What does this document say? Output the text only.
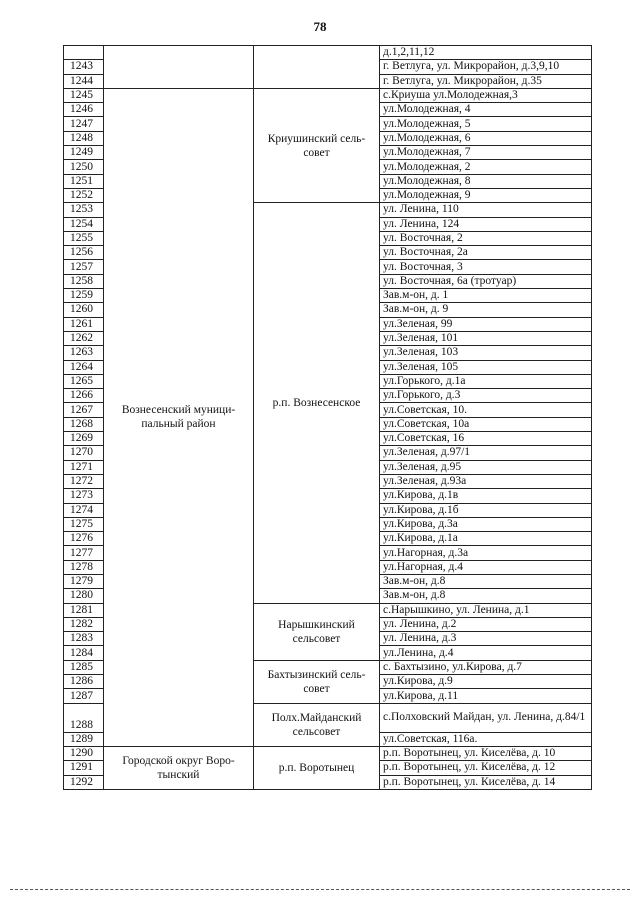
78
			д.1,2,11,12
1243			г. Ветлуга, ул. Микрорайон, д.3,9,10
1244			г. Ветлуга, ул. Микрорайон, д.35
1245	Вознесенский муници-пальный район	Криушинский сель-совет	с.Криуша ул.Молодежная,3
1246			ул.Молодежная, 4
1247			ул.Молодежная, 5
1248			ул.Молодежная, 6
1249			ул.Молодежная, 7
1250			ул.Молодежная, 2
1251			ул.Молодежная, 8
1252			ул.Молодежная, 9
1253		р.п. Вознесенское	ул. Ленина, 110
1254			ул. Ленина, 124
1255			ул. Восточная, 2
1256			ул. Восточная, 2а
1257			ул. Восточная, 3
1258			ул. Восточная, 6а (тротуар)
1259			Зав.м-он, д. 1
1260			Зав.м-он, д. 9
1261			ул.Зеленая, 99
1262			ул.Зеленая, 101
1263			ул.Зеленая, 103
1264			ул.Зеленая, 105
1265			ул.Горького, д.1а
1266			ул.Горького, д.3
1267			ул.Советская, 10.
1268			ул.Советская, 10а
1269			ул.Советская, 16
1270			ул.Зеленая, д.97/1
1271			ул.Зеленая, д.95
1272			ул.Зеленая, д.93а
1273			ул.Кирова, д.1в
1274			ул.Кирова, д.1б
1275			ул.Кирова, д.3а
1276			ул.Кирова, д.1а
1277			ул.Нагорная, д.3а
1278			ул.Нагорная, д.4
1279			Зав.м-он, д.8
1280			Зав.м-он, д.8
1281		Нарышкинский сельсовет	с.Нарышкино, ул. Ленина, д.1
1282			ул. Ленина, д.2
1283			ул. Ленина, д.3
1284			ул.Ленина, д.4
1285		Бахтызинский сель-совет	с. Бахтызино, ул.Кирова, д.7
1286			ул.Кирова, д.9
1287			ул.Кирова, д.11
1288		Полх.Майданский сельсовет	с.Полховский Майдан, ул. Ленина, д.84/1
1289			ул.Советская, 116а.
1290	Городской округ Воро-тынский	р.п. Воротынец	р.п. Воротынец, ул. Киселёва, д. 10
1291			р.п. Воротынец, ул. Киселёва, д. 12
1292			р.п. Воротынец, ул. Киселёва, д. 14
